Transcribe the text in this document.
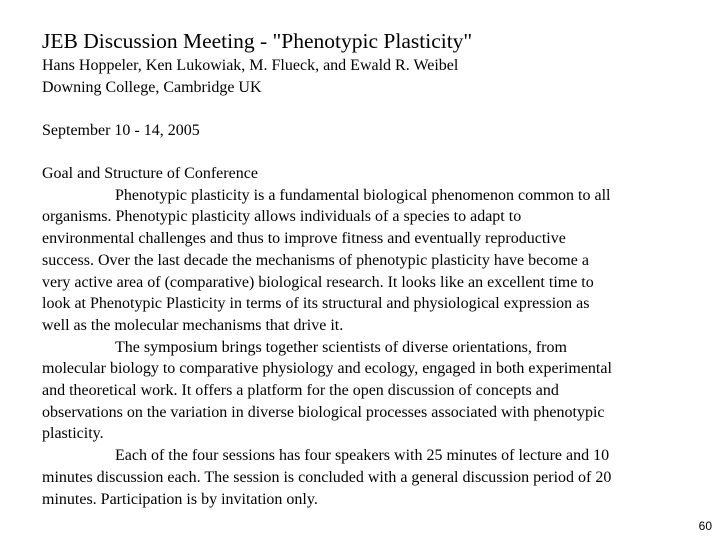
JEB Discussion Meeting - "Phenotypic Plasticity"
Hans Hoppeler, Ken Lukowiak, M. Flueck, and Ewald R. Weibel
Downing College, Cambridge UK
September 10 - 14, 2005
Goal and Structure of Conference
Phenotypic plasticity is a fundamental biological phenomenon common to all
organisms. Phenotypic plasticity allows individuals of a species to adapt to
environmental challenges and thus to improve fitness and eventually reproductive
success. Over the last decade the mechanisms of phenotypic plasticity have become a
very active area of (comparative) biological research. It looks like an excellent time to
look at Phenotypic Plasticity in terms of its structural and physiological expression as
well as the molecular mechanisms that drive it.
The symposium brings together scientists of diverse orientations, from
molecular biology to comparative physiology and ecology, engaged in both experimental
and theoretical work. It offers a platform for the open discussion of concepts and
observations on the variation in diverse biological processes associated with phenotypic
plasticity.
Each of the four sessions has four speakers with 25 minutes of lecture and 10
minutes discussion each. The session is concluded with a general discussion period of 20
minutes. Participation is by invitation only.
60
